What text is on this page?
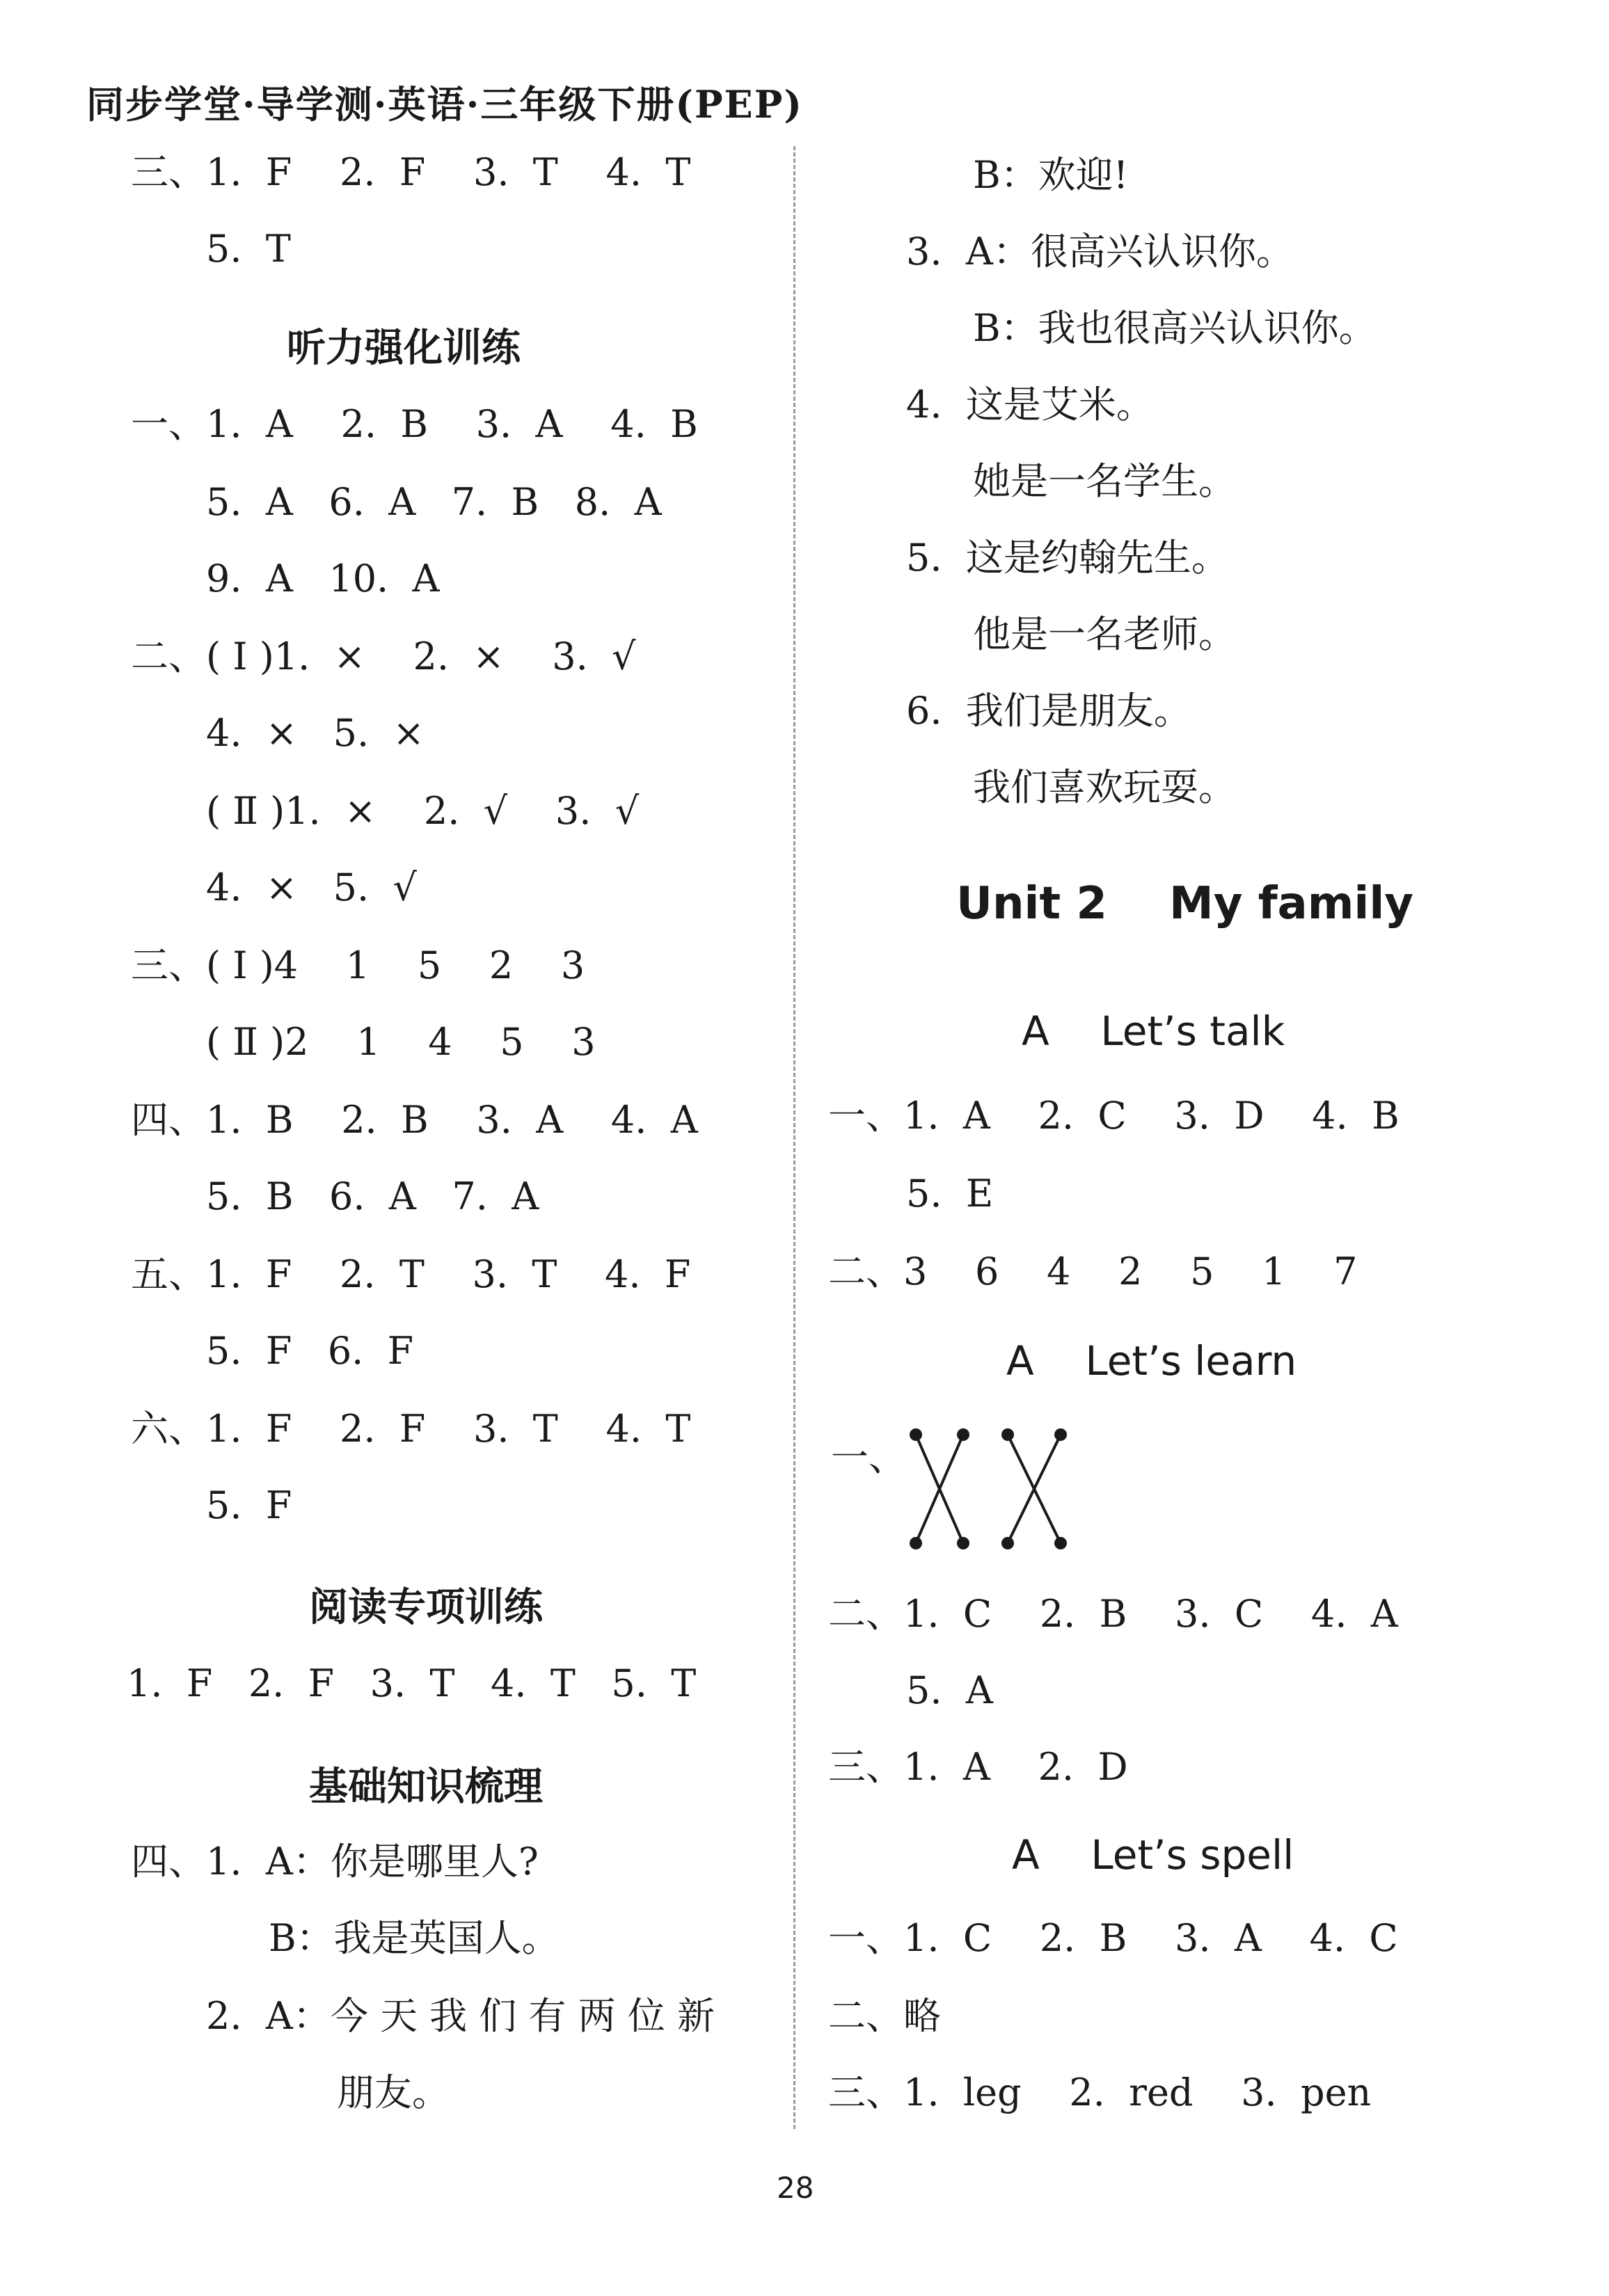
同步学堂·导学测·英语·三年级下册(PEP)
三、1.  F    2.  F    3.  T    4.  T
5.  T
听力强化训练
一、1.  A    2.  B    3.  A    4.  B
5.  A   6.  A   7.  B   8.  A
9.  A   10.  A
二、( Ⅰ )1.  ×    2.  ×    3.  √
4.  ×   5.  ×
( Ⅱ )1.  ×    2.  √    3.  √
4.  ×   5.  √
三、( Ⅰ )4    1    5    2    3
( Ⅱ )2    1    4    5    3
四、1.  B    2.  B    3.  A    4.  A
5.  B   6.  A   7.  A
五、1.  F    2.  T    3.  T    4.  F
5.  F   6.  F
六、1.  F    2.  F    3.  T    4.  T
5.  F
阅读专项训练
1.  F   2.  F   3.  T   4.  T   5.  T
基础知识梳理
四、1.  A：你是哪里人?
B：我是英国人。
2.  A：今 天 我 们 有 两 位 新
朋友。
B：欢迎!
3.  A：很高兴认识你。
B：我也很高兴认识你。
4.  这是艾米。
她是一名学生。
5.  这是约翰先生。
他是一名老师。
6.  我们是朋友。
我们喜欢玩耍。
Unit 2    My family
A    Let’s talk
一、1.  A    2.  C    3.  D    4.  B
5.  E
二、3    6    4    2    5    1    7
A    Let’s learn
一、
二、1.  C    2.  B    3.  C    4.  A
5.  A
三、1.  A    2.  D
A    Let’s spell
一、1.  C    2.  B    3.  A    4.  C
二、略
三、1.  leg    2.  red    3.  pen
28
